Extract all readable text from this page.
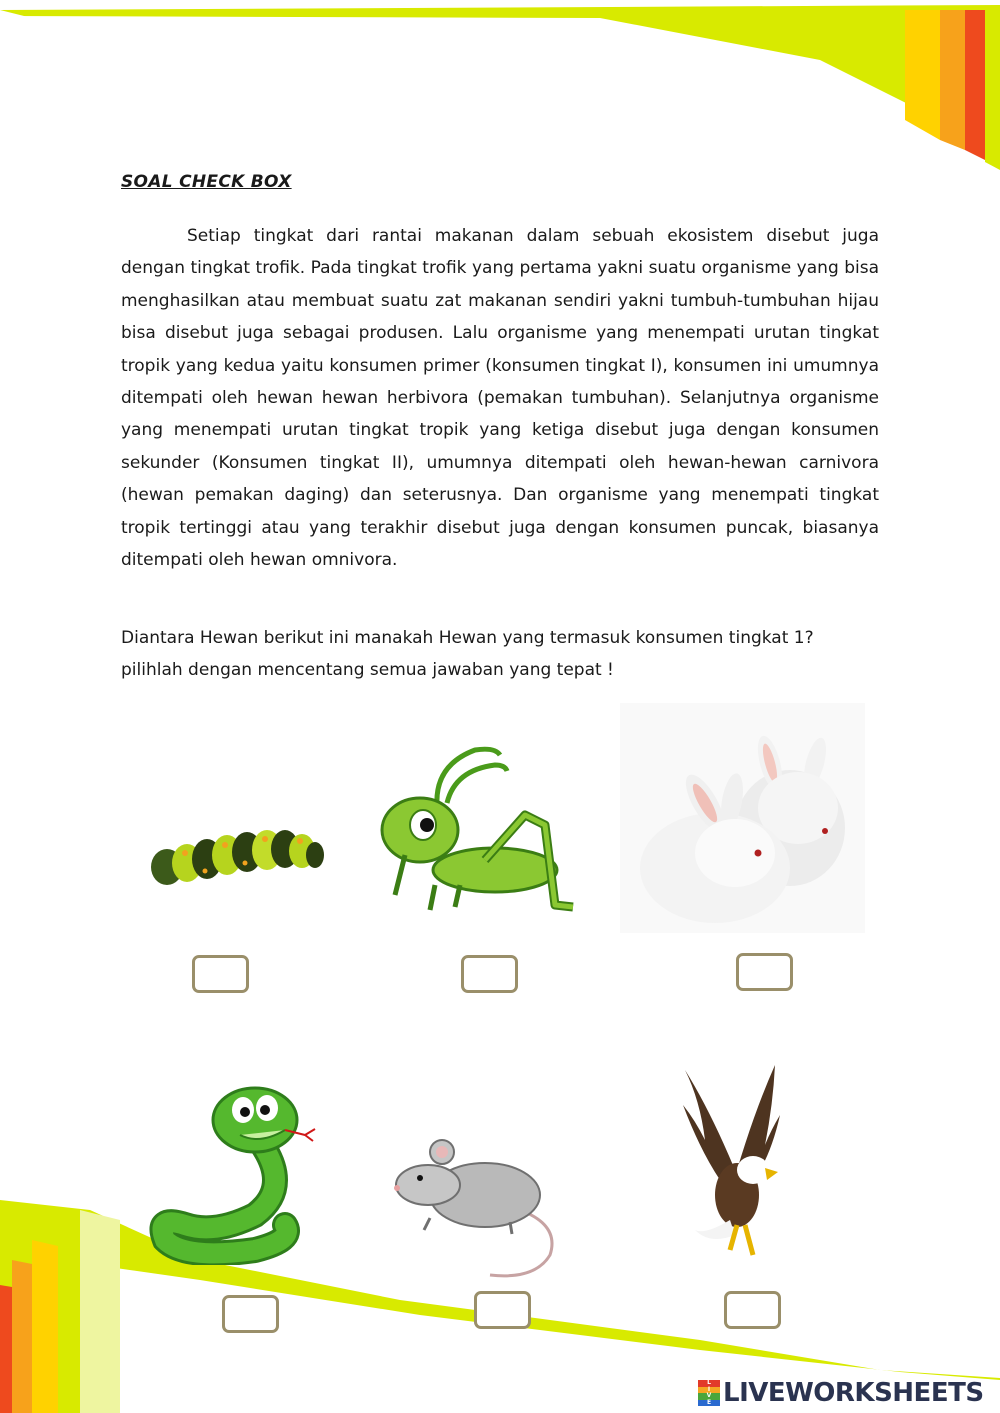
SOAL CHECK BOX

Setiap tingkat dari rantai makanan dalam sebuah ekosistem disebut juga dengan tingkat trofik. Pada tingkat trofik yang pertama yakni suatu organisme yang bisa menghasilkan atau membuat suatu zat makanan sendiri yakni tumbuh-tumbuhan hijau bisa disebut juga sebagai produsen. Lalu organisme yang menempati urutan tingkat tropik yang kedua yaitu konsumen primer (konsumen tingkat I), konsumen ini umumnya ditempati oleh hewan hewan herbivora (pemakan tumbuhan). Selanjutnya organisme yang menempati urutan tingkat tropik yang ketiga disebut juga dengan konsumen sekunder (Konsumen tingkat II), umumnya ditempati oleh hewan-hewan carnivora (hewan pemakan daging) dan seterusnya. Dan organisme yang menempati tingkat tropik tertinggi atau yang terakhir disebut juga dengan konsumen puncak, biasanya ditempati oleh hewan omnivora.

Diantara Hewan berikut ini manakah Hewan yang termasuk konsumen tingkat 1?
pilihlah dengan mencentang semua jawaban yang tepat !
L
I
V
E LIVEWORKSHEETS
